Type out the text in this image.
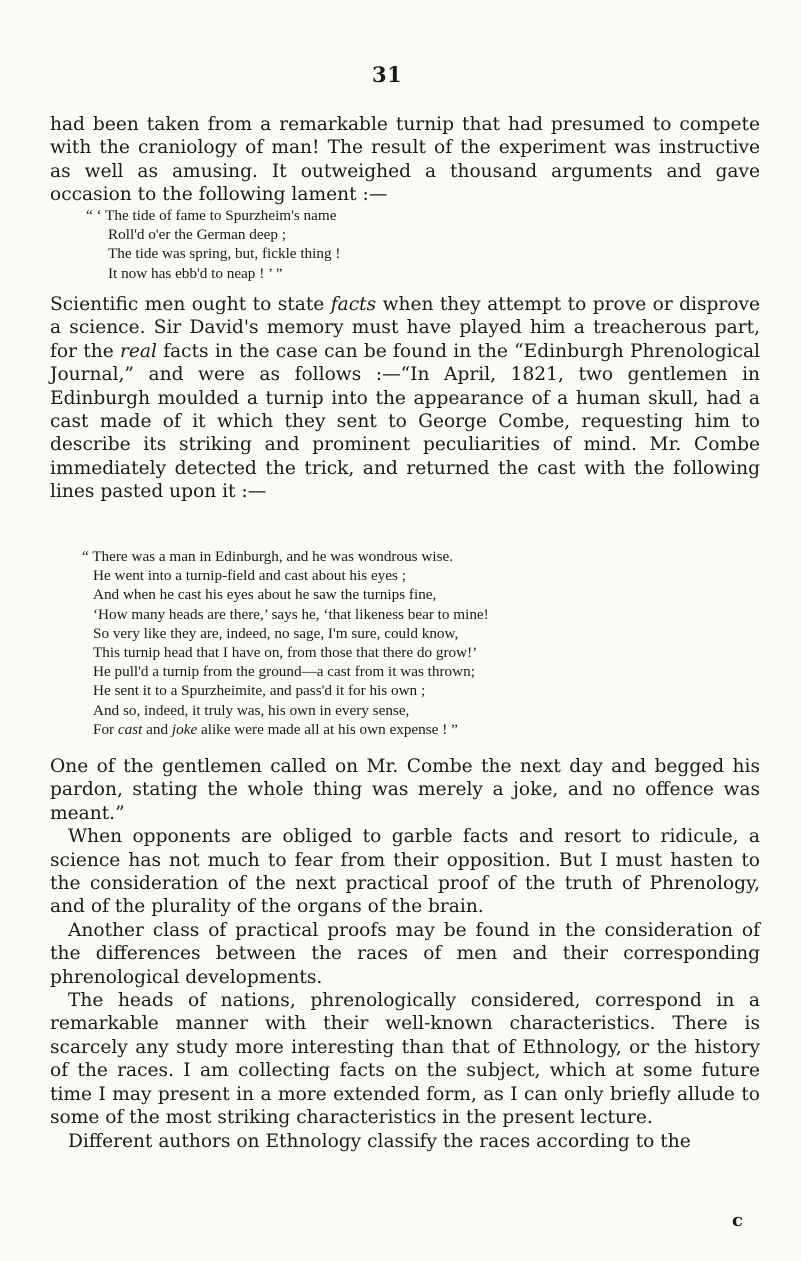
31

had been taken from a remarkable turnip that had presumed to compete with the craniology of man! The result of the experiment was instructive as well as amusing. It outweighed a thousand arguments and gave occasion to the following lament :—

“ ‘ The tide of fame to Spurzheim's name
Roll'd o'er the German deep ;
The tide was spring, but, fickle thing !
It now has ebb'd to neap ! ’ ”

Scientific men ought to state facts when they attempt to prove or disprove a science. Sir David's memory must have played him a treacherous part, for the real facts in the case can be found in the “Edinburgh Phrenological Journal,” and were as follows :—“In April, 1821, two gentlemen in Edinburgh moulded a turnip into the appearance of a human skull, had a cast made of it which they sent to George Combe, requesting him to describe its striking and prominent peculiarities of mind. Mr. Combe immediately detected the trick, and returned the cast with the following lines pasted upon it :—

“ There was a man in Edinburgh, and he was wondrous wise.
He went into a turnip-field and cast about his eyes ;
And when he cast his eyes about he saw the turnips fine,
‘How many heads are there,’ says he, ‘that likeness bear to mine!
So very like they are, indeed, no sage, I'm sure, could know,
This turnip head that I have on, from those that there do grow!’
He pull'd a turnip from the ground—a cast from it was thrown;
He sent it to a Spurzheimite, and pass'd it for his own ;
And so, indeed, it truly was, his own in every sense,
For cast and joke alike were made all at his own expense ! ”

One of the gentlemen called on Mr. Combe the next day and begged his pardon, stating the whole thing was merely a joke, and no offence was meant.”

When opponents are obliged to garble facts and resort to ridicule, a science has not much to fear from their opposition. But I must hasten to the consideration of the next practical proof of the truth of Phrenology, and of the plurality of the organs of the brain.

Another class of practical proofs may be found in the consideration of the differences between the races of men and their corresponding phrenological developments.

The heads of nations, phrenologically considered, correspond in a remarkable manner with their well-known characteristics. There is scarcely any study more interesting than that of Ethnology, or the history of the races. I am collecting facts on the subject, which at some future time I may present in a more extended form, as I can only briefly allude to some of the most striking characteristics in the present lecture.

Different authors on Ethnology classify the races according to the

c
